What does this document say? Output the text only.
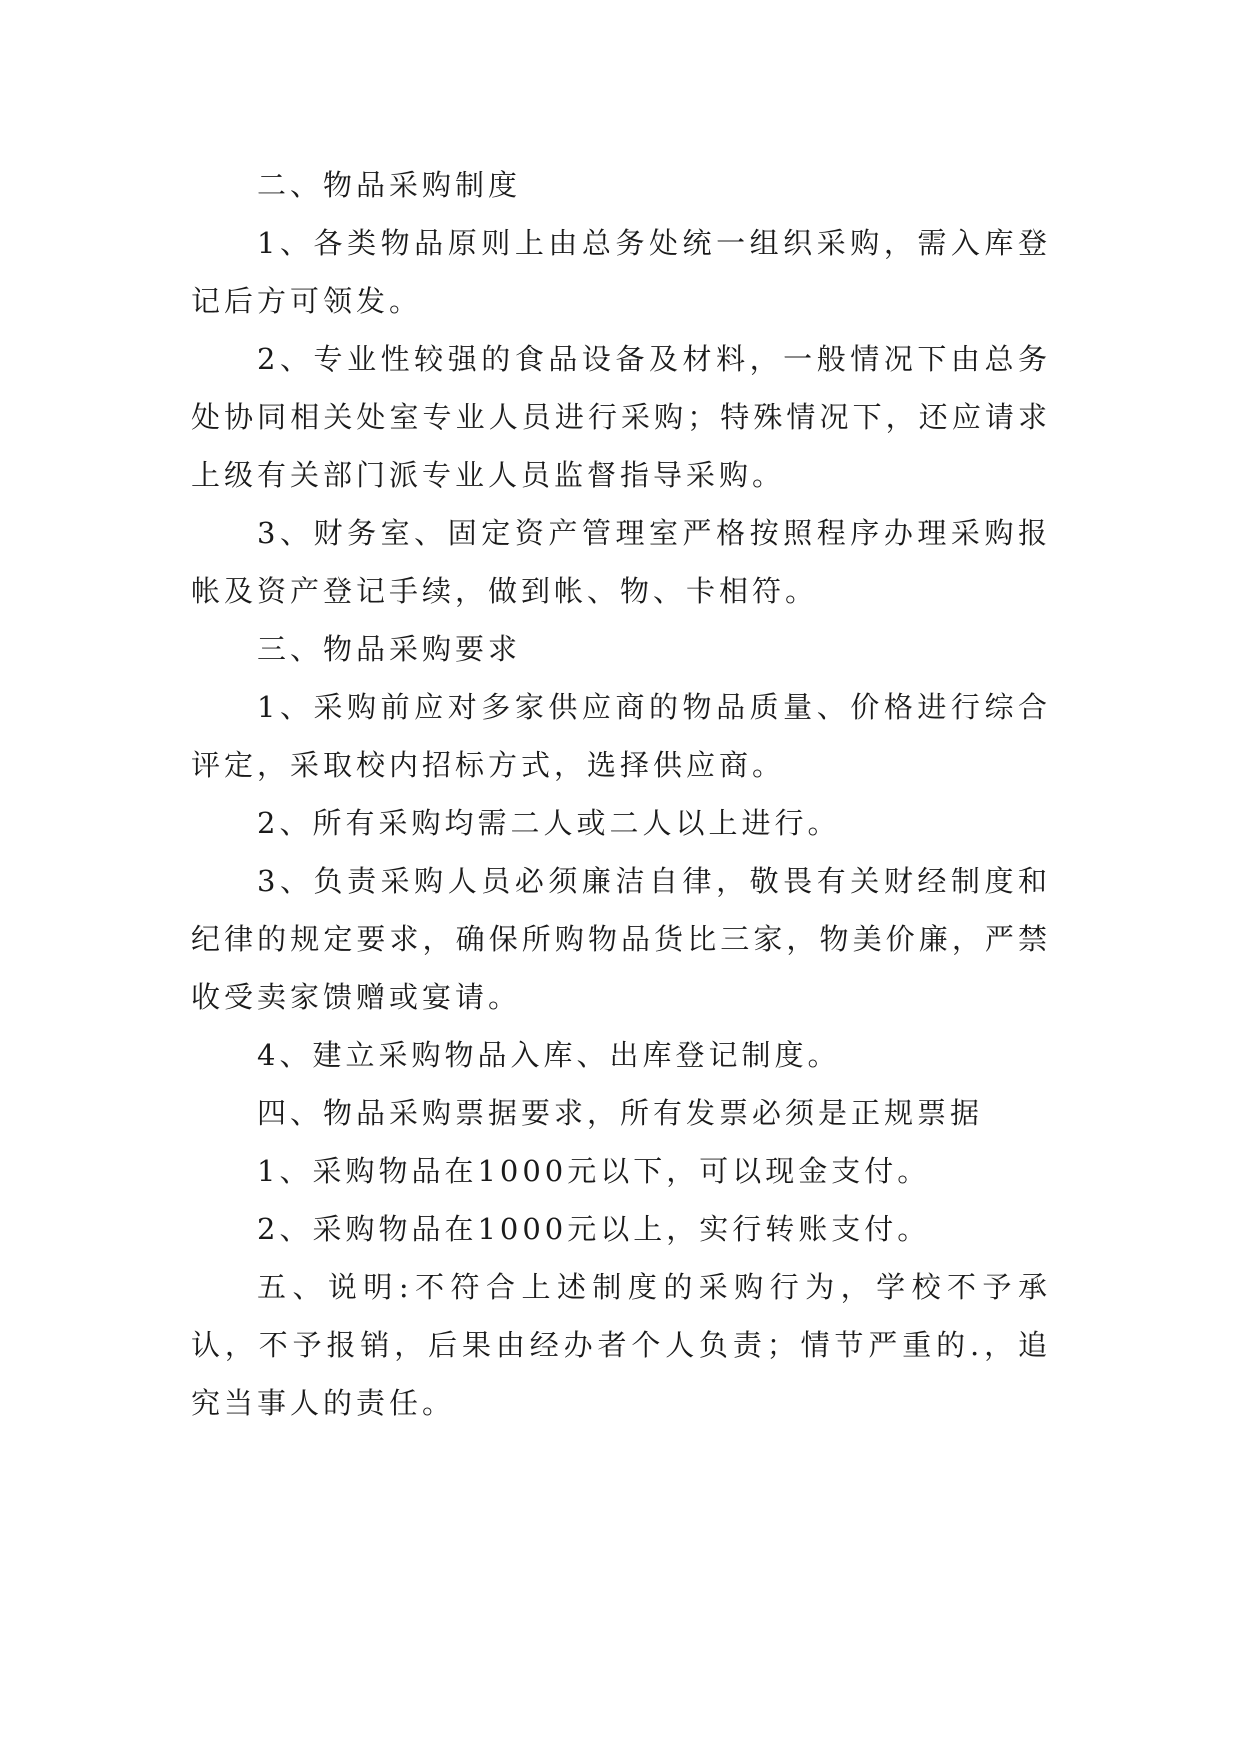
二、物品采购制度

1、各类物品原则上由总务处统一组织采购，需入库登记后方可领发。

2、专业性较强的食品设备及材料，一般情况下由总务处协同相关处室专业人员进行采购；特殊情况下，还应请求上级有关部门派专业人员监督指导采购。

3、财务室、固定资产管理室严格按照程序办理采购报帐及资产登记手续，做到帐、物、卡相符。

三、物品采购要求

1、采购前应对多家供应商的物品质量、价格进行综合评定，采取校内招标方式，选择供应商。

2、所有采购均需二人或二人以上进行。

3、负责采购人员必须廉洁自律，敬畏有关财经制度和纪律的规定要求，确保所购物品货比三家，物美价廉，严禁收受卖家馈赠或宴请。

4、建立采购物品入库、出库登记制度。

四、物品采购票据要求，所有发票必须是正规票据

1、采购物品在1000元以下，可以现金支付。

2、采购物品在1000元以上，实行转账支付。

五、说明:不符合上述制度的采购行为，学校不予承认，不予报销，后果由经办者个人负责；情节严重的.，追究当事人的责任。
